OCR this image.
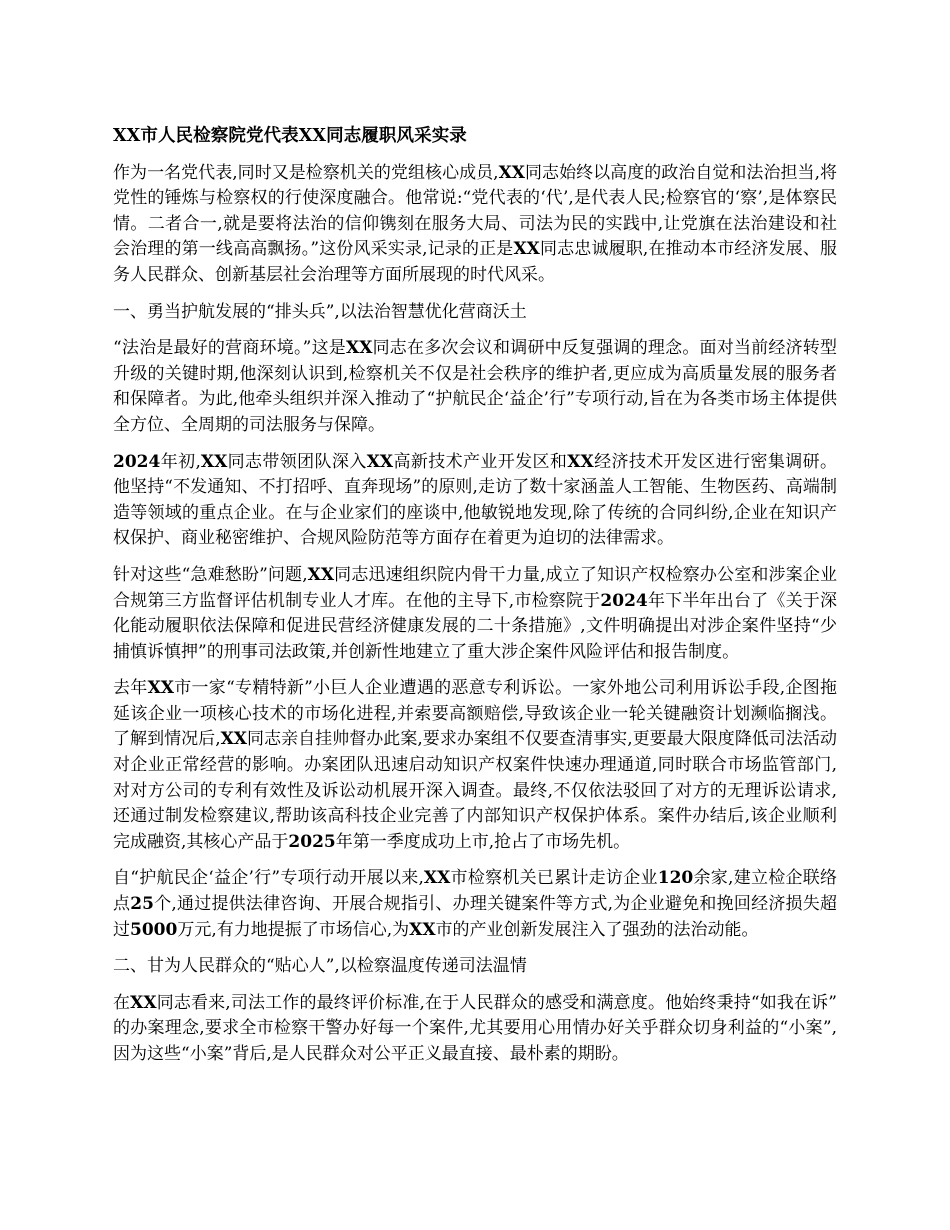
XX市人民检察院党代表XX同志履职风采实录

作为一名党代表,同时又是检察机关的党组核心成员,XX同志始终以高度的政治自觉和法治担当,将党性的锤炼与检察权的行使深度融合。他常说:“党代表的‘代’,是代表人民;检察官的‘察’,是体察民情。二者合一,就是要将法治的信仰镌刻在服务大局、司法为民的实践中,让党旗在法治建设和社会治理的第一线高高飘扬。”这份风采实录,记录的正是XX同志忠诚履职,在推动本市经济发展、服务人民群众、创新基层社会治理等方面所展现的时代风采。

一、勇当护航发展的“排头兵”,以法治智慧优化营商沃土

“法治是最好的营商环境。”这是XX同志在多次会议和调研中反复强调的理念。面对当前经济转型升级的关键时期,他深刻认识到,检察机关不仅是社会秩序的维护者,更应成为高质量发展的服务者和保障者。为此,他牵头组织并深入推动了“护航民企‘益企’行”专项行动,旨在为各类市场主体提供全方位、全周期的司法服务与保障。

2024年初,XX同志带领团队深入XX高新技术产业开发区和XX经济技术开发区进行密集调研。他坚持“不发通知、不打招呼、直奔现场”的原则,走访了数十家涵盖人工智能、生物医药、高端制造等领域的重点企业。在与企业家们的座谈中,他敏锐地发现,除了传统的合同纠纷,企业在知识产权保护、商业秘密维护、合规风险防范等方面存在着更为迫切的法律需求。

针对这些“急难愁盼”问题,XX同志迅速组织院内骨干力量,成立了知识产权检察办公室和涉案企业合规第三方监督评估机制专业人才库。在他的主导下,市检察院于2024年下半年出台了《关于深化能动履职依法保障和促进民营经济健康发展的二十条措施》,文件明确提出对涉企案件坚持“少捕慎诉慎押”的刑事司法政策,并创新性地建立了重大涉企案件风险评估和报告制度。

去年XX市一家“专精特新”小巨人企业遭遇的恶意专利诉讼。一家外地公司利用诉讼手段,企图拖延该企业一项核心技术的市场化进程,并索要高额赔偿,导致该企业一轮关键融资计划濒临搁浅。了解到情况后,XX同志亲自挂帅督办此案,要求办案组不仅要查清事实,更要最大限度降低司法活动对企业正常经营的影响。办案团队迅速启动知识产权案件快速办理通道,同时联合市场监管部门,对对方公司的专利有效性及诉讼动机展开深入调查。最终,不仅依法驳回了对方的无理诉讼请求,还通过制发检察建议,帮助该高科技企业完善了内部知识产权保护体系。案件办结后,该企业顺利完成融资,其核心产品于2025年第一季度成功上市,抢占了市场先机。

自“护航民企‘益企’行”专项行动开展以来,XX市检察机关已累计走访企业120余家,建立检企联络点25个,通过提供法律咨询、开展合规指引、办理关键案件等方式,为企业避免和挽回经济损失超过5000万元,有力地提振了市场信心,为XX市的产业创新发展注入了强劲的法治动能。

二、甘为人民群众的“贴心人”,以检察温度传递司法温情

在XX同志看来,司法工作的最终评价标准,在于人民群众的感受和满意度。他始终秉持“如我在诉”的办案理念,要求全市检察干警办好每一个案件,尤其要用心用情办好关乎群众切身利益的“小案”,因为这些“小案”背后,是人民群众对公平正义最直接、最朴素的期盼。
